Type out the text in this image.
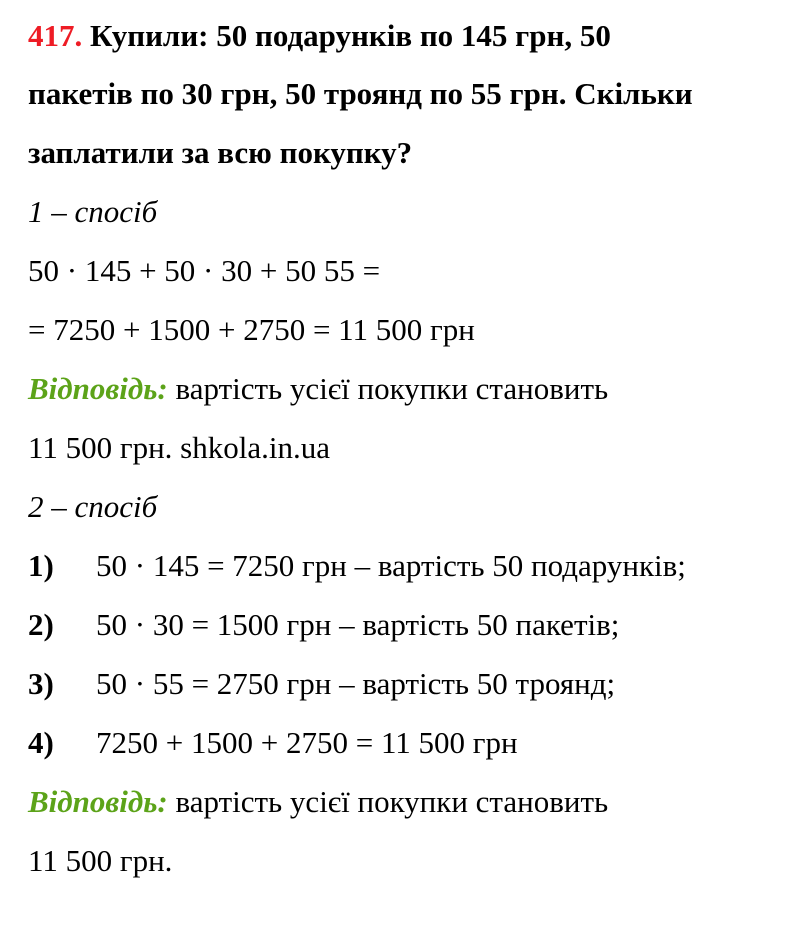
417. Купили: 50 подарунків по 145 грн, 50
пакетів по 30 грн, 50 троянд по 55 грн. Скільки
заплатили за всю покупку?
1 – спосіб
50 · 145 + 50 · 30 + 50 55 =
= 7250 + 1500 + 2750 = 11 500 грн
Відповідь: вартість усієї покупки становить
11 500 грн. shkola.in.ua
2 – спосіб
1) 50 · 145 = 7250 грн – вартість 50 подарунків;
2) 50 · 30 = 1500 грн – вартість 50 пакетів;
3) 50 · 55 = 2750 грн – вартість 50 троянд;
4) 7250 + 1500 + 2750 = 11 500 грн
Відповідь: вартість усієї покупки становить
11 500 грн.
